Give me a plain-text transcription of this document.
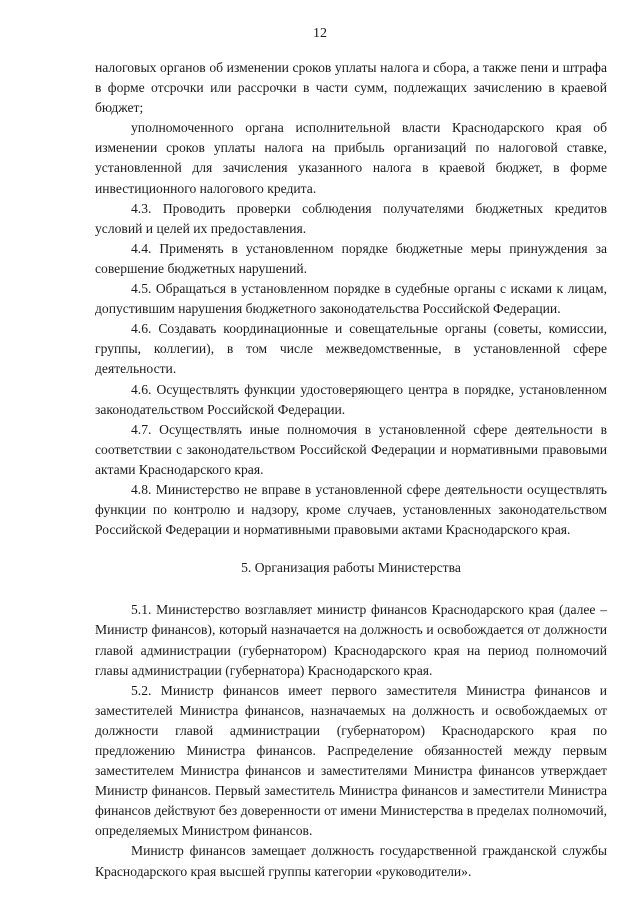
12

налоговых органов об изменении сроков уплаты налога и сбора, а также пени и штрафа в форме отсрочки или рассрочки в части сумм, подлежащих зачислению в краевой бюджет;

уполномоченного органа исполнительной власти Краснодарского края об изменении сроков уплаты налога на прибыль организаций по налоговой ставке, установленной для зачисления указанного налога в краевой бюджет, в форме инвестиционного налогового кредита.

4.3. Проводить проверки соблюдения получателями бюджетных кредитов условий и целей их предоставления.

4.4. Применять в установленном порядке бюджетные меры принуждения за совершение бюджетных нарушений.

4.5. Обращаться в установленном порядке в судебные органы с исками к лицам, допустившим нарушения бюджетного законодательства Российской Федерации.

4.6. Создавать координационные и совещательные органы (советы, комиссии, группы, коллегии), в том числе межведомственные, в установленной сфере деятельности.

4.6. Осуществлять функции удостоверяющего центра в порядке, установленном законодательством Российской Федерации.

4.7. Осуществлять иные полномочия в установленной сфере деятельности в соответствии с законодательством Российской Федерации и нормативными правовыми актами Краснодарского края.

4.8. Министерство не вправе в установленной сфере деятельности осуществлять функции по контролю и надзору, кроме случаев, установленных законодательством Российской Федерации и нормативными правовыми актами Краснодарского края.

5. Организация работы Министерства

5.1. Министерство возглавляет министр финансов Краснодарского края (далее – Министр финансов), который назначается на должность и освобождается от должности главой администрации (губернатором) Краснодарского края на период полномочий главы администрации (губернатора) Краснодарского края.

5.2. Министр финансов имеет первого заместителя Министра финансов и заместителей Министра финансов, назначаемых на должность и освобождаемых от должности главой администрации (губернатором) Краснодарского края по предложению Министра финансов. Распределение обязанностей между первым заместителем Министра финансов и заместителями Министра финансов утверждает Министр финансов. Первый заместитель Министра финансов и заместители Министра финансов действуют без доверенности от имени Министерства в пределах полномочий, определяемых Министром финансов.

Министр финансов замещает должность государственной гражданской службы Краснодарского края высшей группы категории «руководители».
